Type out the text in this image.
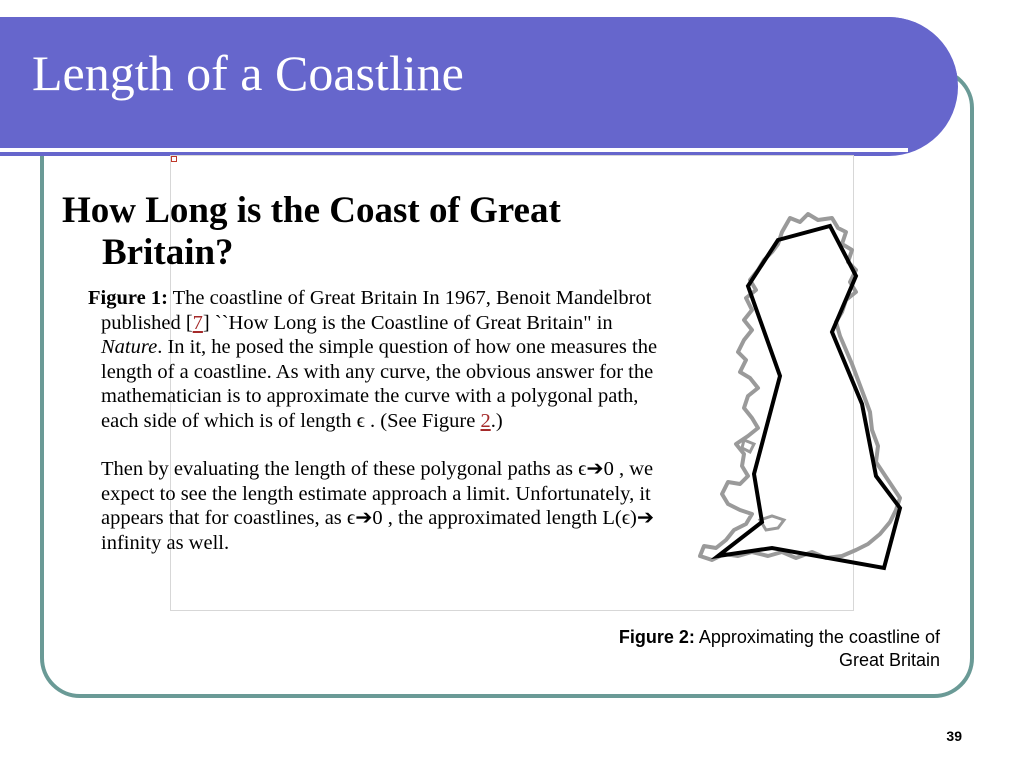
Length of a Coastline
How Long is the Coast of Great Britain?

Figure 1: The coastline of Great Britain In 1967, Benoit Mandelbrot published [7] ``How Long is the Coastline of Great Britain" in Nature. In it, he posed the simple question of how one measures the length of a coastline. As with any curve, the obvious answer for the mathematician is to approximate the curve with a polygonal path, each side of which is of length ϵ . (See Figure 2.)

Then by evaluating the length of these polygonal paths as ϵ➔0 , we expect to see the length estimate approach a limit. Unfortunately, it appears that for coastlines, as ϵ➔0 , the approximated length L(ϵ)➔ infinity as well.

Figure 2: Approximating the coastline of Great Britain
39
